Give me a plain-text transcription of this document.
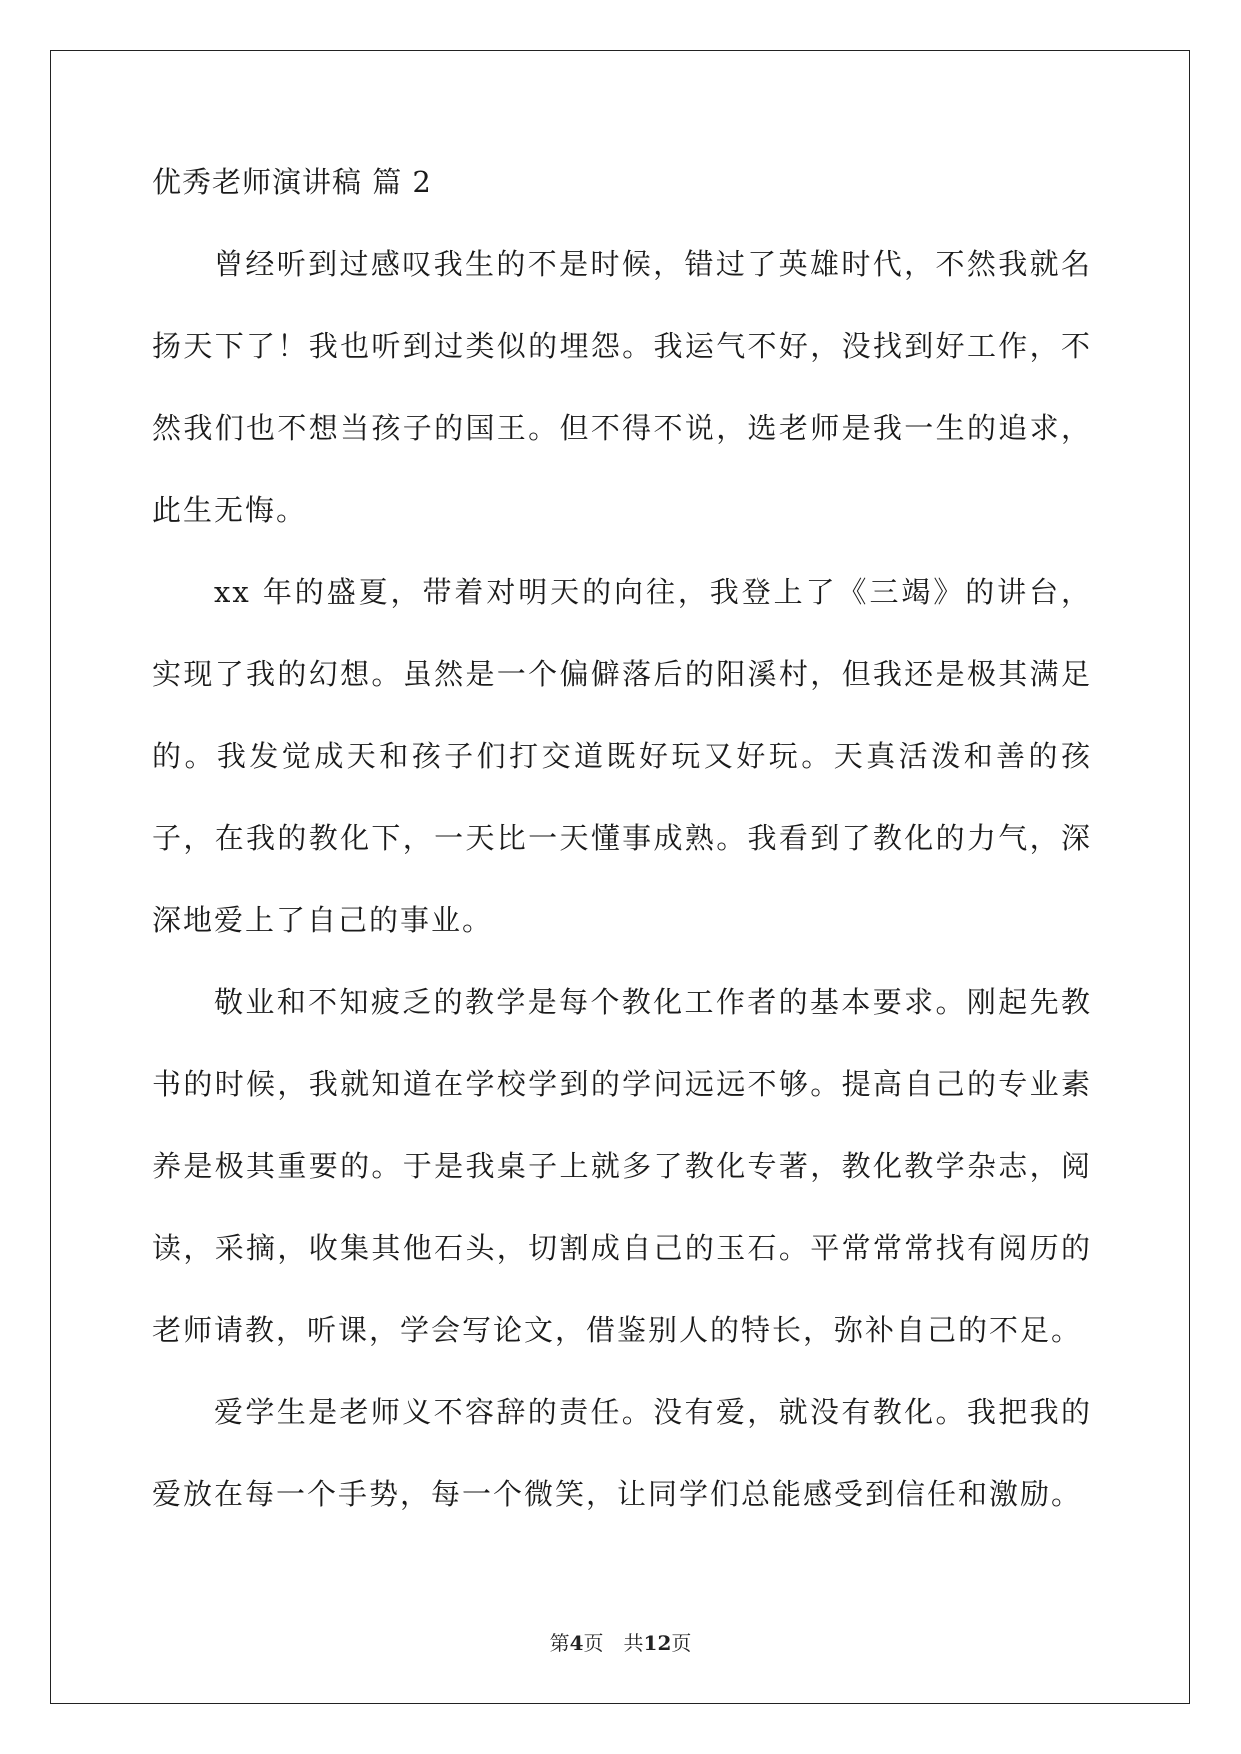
优秀老师演讲稿 篇 2

曾经听到过感叹我生的不是时候，错过了英雄时代，不然我就名扬天下了！我也听到过类似的埋怨。我运气不好，没找到好工作，不然我们也不想当孩子的国王。但不得不说，选老师是我一生的追求，此生无悔。

xx 年的盛夏，带着对明天的向往，我登上了《三竭》的讲台，实现了我的幻想。虽然是一个偏僻落后的阳溪村，但我还是极其满足的。我发觉成天和孩子们打交道既好玩又好玩。天真活泼和善的孩子，在我的教化下，一天比一天懂事成熟。我看到了教化的力气，深深地爱上了自己的事业。

敬业和不知疲乏的教学是每个教化工作者的基本要求。刚起先教书的时候，我就知道在学校学到的学问远远不够。提高自己的专业素养是极其重要的。于是我桌子上就多了教化专著，教化教学杂志，阅读，采摘，收集其他石头，切割成自己的玉石。平常常常找有阅历的老师请教，听课，学会写论文，借鉴别人的特长，弥补自己的不足。

爱学生是老师义不容辞的责任。没有爱，就没有教化。我把我的爱放在每一个手势，每一个微笑，让同学们总能感受到信任和激励。

第4页 共12页
